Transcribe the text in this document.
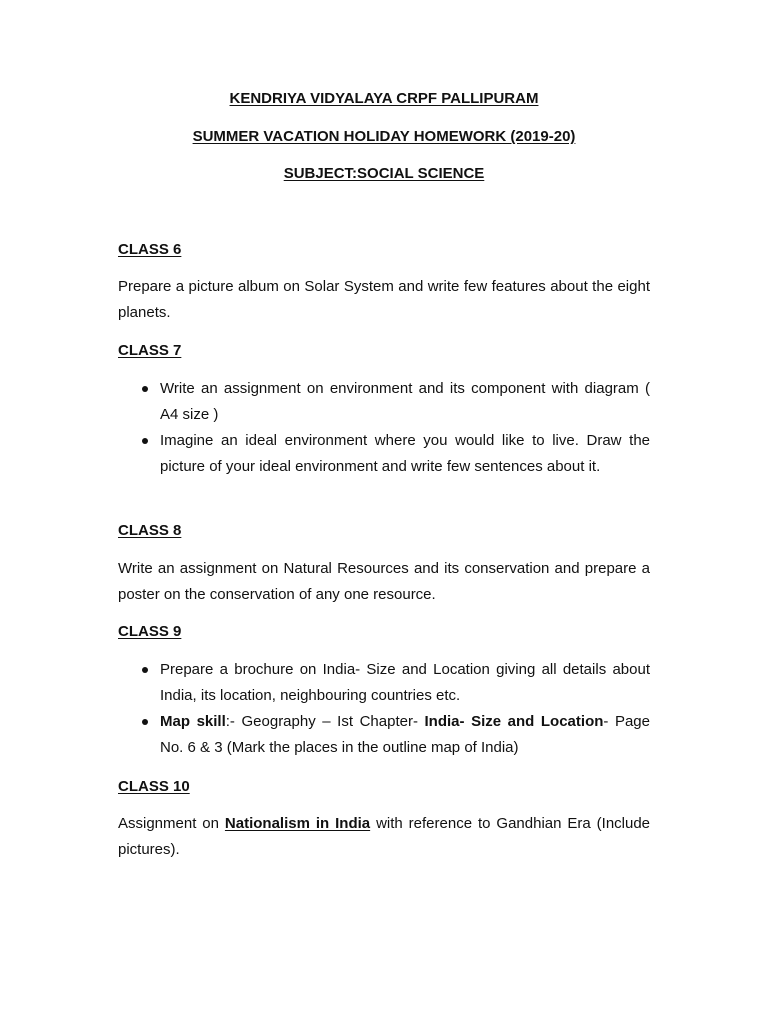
KENDRIYA VIDYALAYA CRPF PALLIPURAM
SUMMER VACATION HOLIDAY HOMEWORK (2019-20)
SUBJECT:SOCIAL SCIENCE
CLASS 6
Prepare a picture album on Solar System and write few features about the eight planets.
CLASS 7
Write an assignment on environment and its component with diagram ( A4 size )
Imagine an ideal environment where you would like to live. Draw the picture of your ideal environment and write few sentences about it.
CLASS 8
Write an assignment on Natural Resources and its conservation and prepare a poster on the conservation of any one resource.
CLASS 9
Prepare a brochure on India- Size and Location giving all details about India, its location, neighbouring countries etc.
Map skill:- Geography – Ist Chapter- India- Size and Location- Page No. 6 & 3 (Mark the places in the outline map of India)
CLASS 10
Assignment on Nationalism in India with reference to Gandhian Era (Include pictures).
